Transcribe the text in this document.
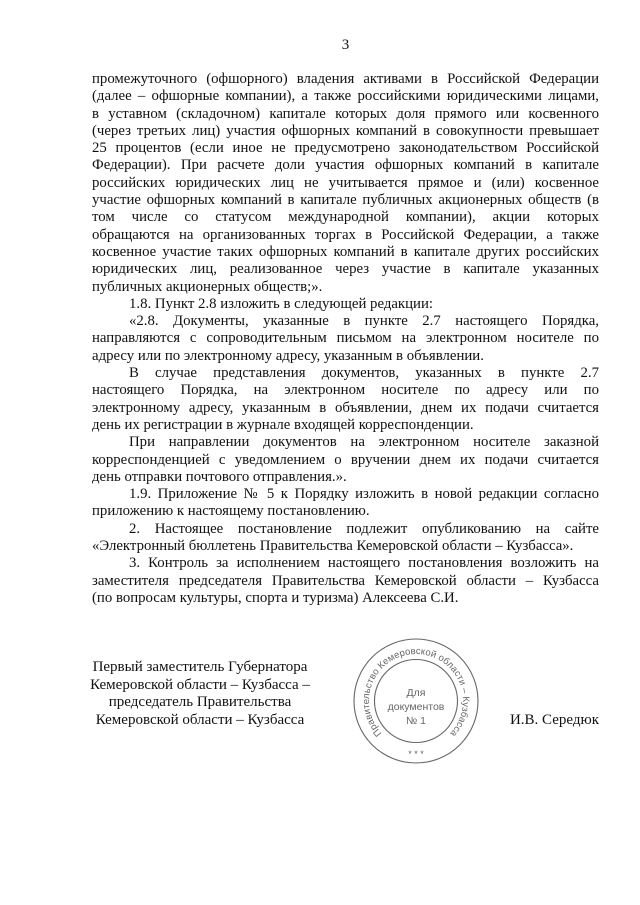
3
промежуточного (офшорного) владения активами в Российской Федерации
(далее – офшорные компании), а также российскими юридическими лицами,
в уставном (складочном) капитале которых доля прямого или косвенного
(через третьих лиц) участия офшорных компаний в совокупности превышает
25 процентов (если иное не предусмотрено законодательством Российской
Федерации). При расчете доли участия офшорных компаний в капитале
российских юридических лиц не учитывается прямое и (или) косвенное
участие офшорных компаний в капитале публичных акционерных обществ (в
том числе со статусом международной компании), акции которых
обращаются на организованных торгах в Российской Федерации, а также
косвенное участие таких офшорных компаний в капитале других российских
юридических лиц, реализованное через участие в капитале указанных
публичных акционерных обществ;».
1.8. Пункт 2.8 изложить в следующей редакции:
«2.8. Документы, указанные в пункте 2.7 настоящего Порядка,
направляются с сопроводительным письмом на электронном носителе по
адресу или по электронному адресу, указанным в объявлении.
В случае представления документов, указанных в пункте 2.7
настоящего Порядка, на электронном носителе по адресу или по
электронному адресу, указанным в объявлении, днем их подачи считается
день их регистрации в журнале входящей корреспонденции.
При направлении документов на электронном носителе заказной
корреспонденцией с уведомлением о вручении днем их подачи считается
день отправки почтового отправления.».
1.9. Приложение № 5 к Порядку изложить в новой редакции согласно
приложению к настоящему постановлению.
2. Настоящее постановление подлежит опубликованию на сайте
«Электронный бюллетень Правительства Кемеровской области – Кузбасса».
3. Контроль за исполнением настоящего постановления возложить на
заместителя председателя Правительства Кемеровской области – Кузбасса
(по вопросам культуры, спорта и туризма) Алексеева С.И.
Первый заместитель Губернатора
Кемеровской области – Кузбасса –
председатель Правительства
Кемеровской области – Кузбасса
Правительство Кемеровской области – Кузбасса
Для
документов
№ 1
* * *
И.В. Середюк
